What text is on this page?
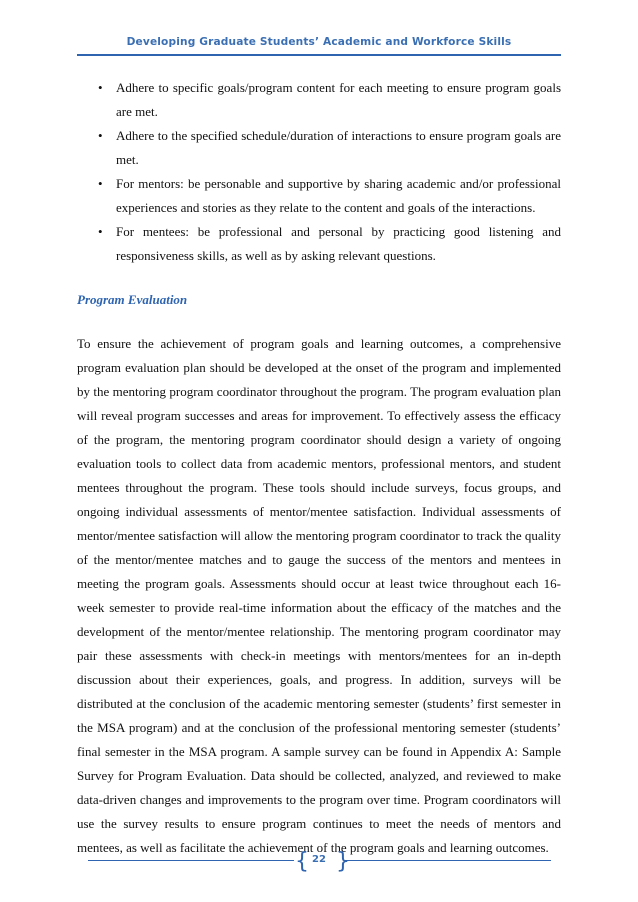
Developing Graduate Students’ Academic and Workforce Skills
• Adhere to specific goals/program content for each meeting to ensure program goals are met.
• Adhere to the specified schedule/duration of interactions to ensure program goals are met.
• For mentors: be personable and supportive by sharing academic and/or professional experiences and stories as they relate to the content and goals of the interactions.
• For mentees: be professional and personal by practicing good listening and responsiveness skills, as well as by asking relevant questions.

Program Evaluation

To ensure the achievement of program goals and learning outcomes, a comprehensive program evaluation plan should be developed at the onset of the program and implemented by the mentoring program coordinator throughout the program. The program evaluation plan will reveal program successes and areas for improvement. To effectively assess the efficacy of the program, the mentoring program coordinator should design a variety of ongoing evaluation tools to collect data from academic mentors, professional mentors, and student mentees throughout the program. These tools should include surveys, focus groups, and ongoing individual assessments of mentor/mentee satisfaction. Individual assessments of mentor/mentee satisfaction will allow the mentoring program coordinator to track the quality of the mentor/mentee matches and to gauge the success of the mentors and mentees in meeting the program goals. Assessments should occur at least twice throughout each 16-week semester to provide real-time information about the efficacy of the matches and the development of the mentor/mentee relationship. The mentoring program coordinator may pair these assessments with check-in meetings with mentors/mentees for an in-depth discussion about their experiences, goals, and progress. In addition, surveys will be distributed at the conclusion of the academic mentoring semester (students’ first semester in the MSA program) and at the conclusion of the professional mentoring semester (students’ final semester in the MSA program. A sample survey can be found in Appendix A: Sample Survey for Program Evaluation. Data should be collected, analyzed, and reviewed to make data-driven changes and improvements to the program over time. Program coordinators will use the survey results to ensure program continues to meet the needs of mentors and mentees, as well as facilitate the achievement of the program goals and learning outcomes.

{ 22 }
